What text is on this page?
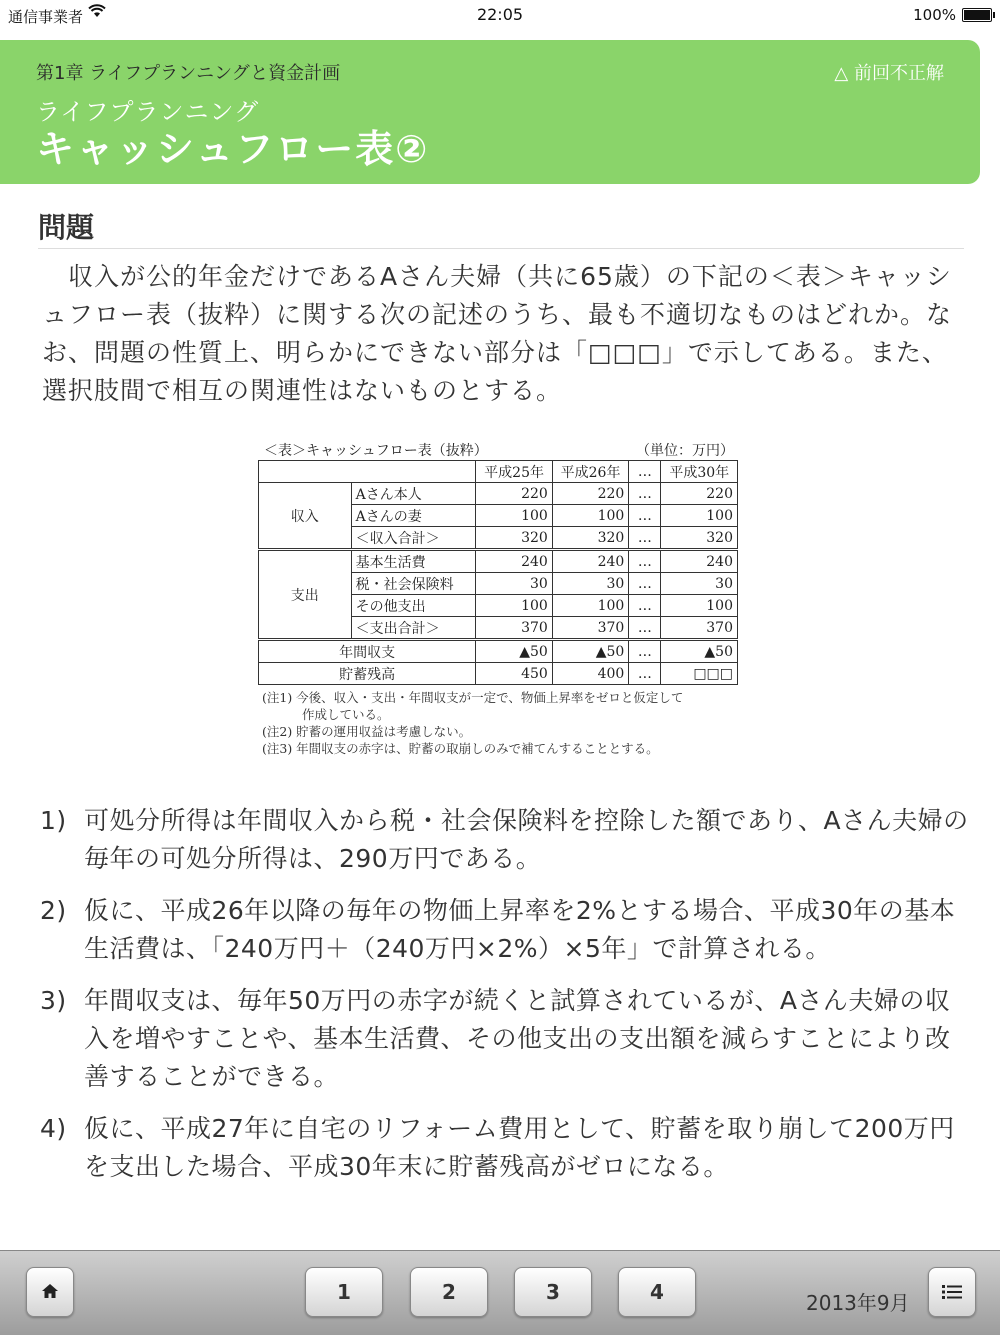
通信事業者	22:05	100%
第1章 ライフプランニングと資金計画	△ 前回不正解
ライフプランニング
キャッシュフロー表②
問題
収入が公的年金だけであるAさん夫婦（共に65歳）の下記の＜表＞キャッシュフロー表（抜粋）に関する次の記述のうち、最も不適切なものはどれか。なお、問題の性質上、明らかにできない部分は「□□□」で示してある。また、選択肢間で相互の関連性はないものとする。
＜表＞キャッシュフロー表（抜粋）	（単位：万円）
		平成25年	平成26年	…	平成30年
収入	Aさん本人	220	220	…	220
	Aさんの妻	100	100	…	100
	＜収入合計＞	320	320	…	320
支出	基本生活費	240	240	…	240
	税・社会保険料	30	30	…	30
	その他支出	100	100	…	100
	＜支出合計＞	370	370	…	370
年間収支		▲50	▲50	…	▲50
貯蓄残高		450	400	…	□□□
(注1) 今後、収入・支出・年間収支が一定で、物価上昇率をゼロと仮定して
作成している。
(注2) 貯蓄の運用収益は考慮しない。
(注3) 年間収支の赤字は、貯蓄の取崩しのみで補てんすることとする。
1) 可処分所得は年間収入から税・社会保険料を控除した額であり、Aさん夫婦の毎年の可処分所得は、290万円である。
2) 仮に、平成26年以降の毎年の物価上昇率を2%とする場合、平成30年の基本生活費は、「240万円＋（240万円×2%）×5年」で計算される。
3) 年間収支は、毎年50万円の赤字が続くと試算されているが、Aさん夫婦の収入を増やすことや、基本生活費、その他支出の支出額を減らすことにより改善することができる。
4) 仮に、平成27年に自宅のリフォーム費用として、貯蓄を取り崩して200万円を支出した場合、平成30年末に貯蓄残高がゼロになる。
1	2	3	4	2013年9月
